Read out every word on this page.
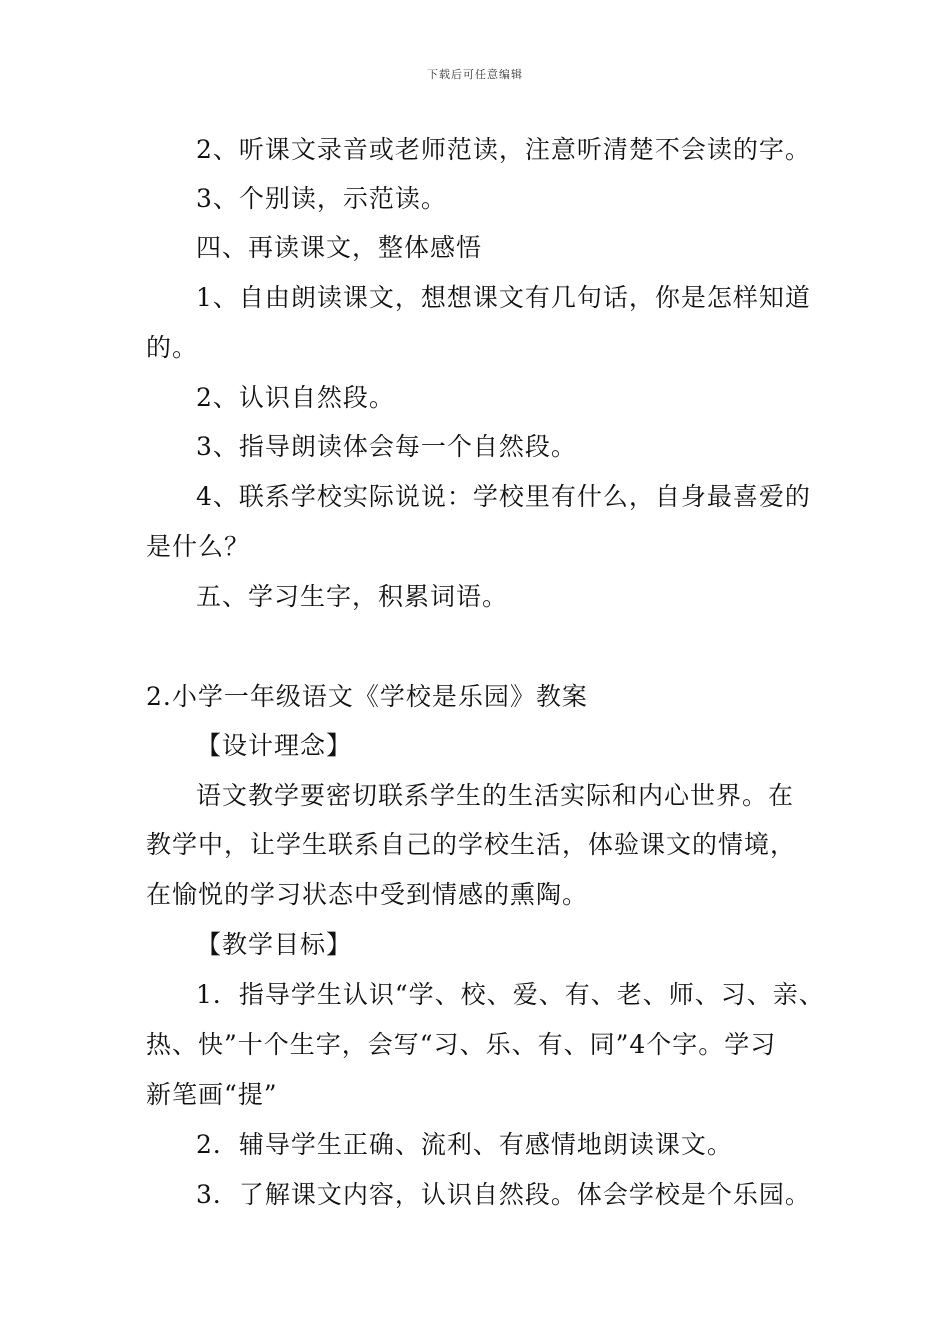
下载后可任意编辑
2、听课文录音或老师范读，注意听清楚不会读的字。
3、个别读，示范读。
四、再读课文，整体感悟
1、自由朗读课文，想想课文有几句话，你是怎样知道
的。
2、认识自然段。
3、指导朗读体会每一个自然段。
4、联系学校实际说说：学校里有什么，自身最喜爱的
是什么？
五、学习生字，积累词语。
2.小学一年级语文《学校是乐园》教案
【设计理念】
语文教学要密切联系学生的生活实际和内心世界。在
教学中，让学生联系自己的学校生活，体验课文的情境，
在愉悦的学习状态中受到情感的熏陶。
【教学目标】
1．指导学生认识“学、校、爱、有、老、师、习、亲、
热、快”十个生字，会写“习、乐、有、同”4个字。学习
新笔画“提”
2．辅导学生正确、流利、有感情地朗读课文。
3．了解课文内容，认识自然段。体会学校是个乐园。
